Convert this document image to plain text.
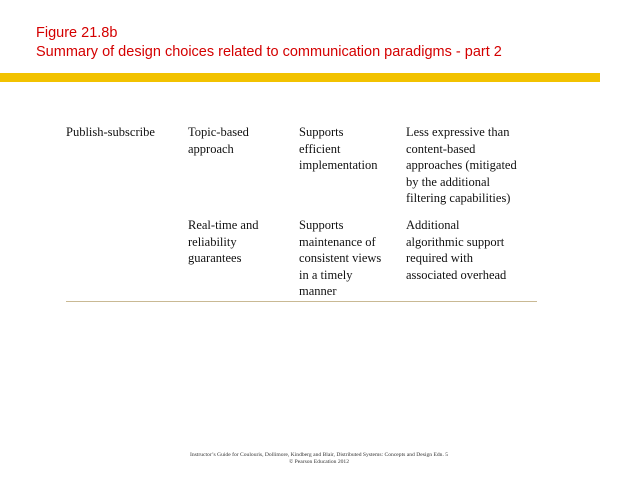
Figure 21.8b
Summary of design choices related to communication paradigms - part 2
Publish-subscribe	Topic-based
approach
Supports
efficient
implementation
Less expressive than
content-based
approaches (mitigated
by the additional
filtering capabilities)
Real-time and
reliability
guarantees
Supports
maintenance of
consistent views
in a timely
manner
Additional
algorithmic support
required with
associated overhead
Instructor’s Guide for Coulouris, Dollimore, Kindberg and Blair, Distributed Systems: Concepts and Design Edn. 5
© Pearson Education 2012
